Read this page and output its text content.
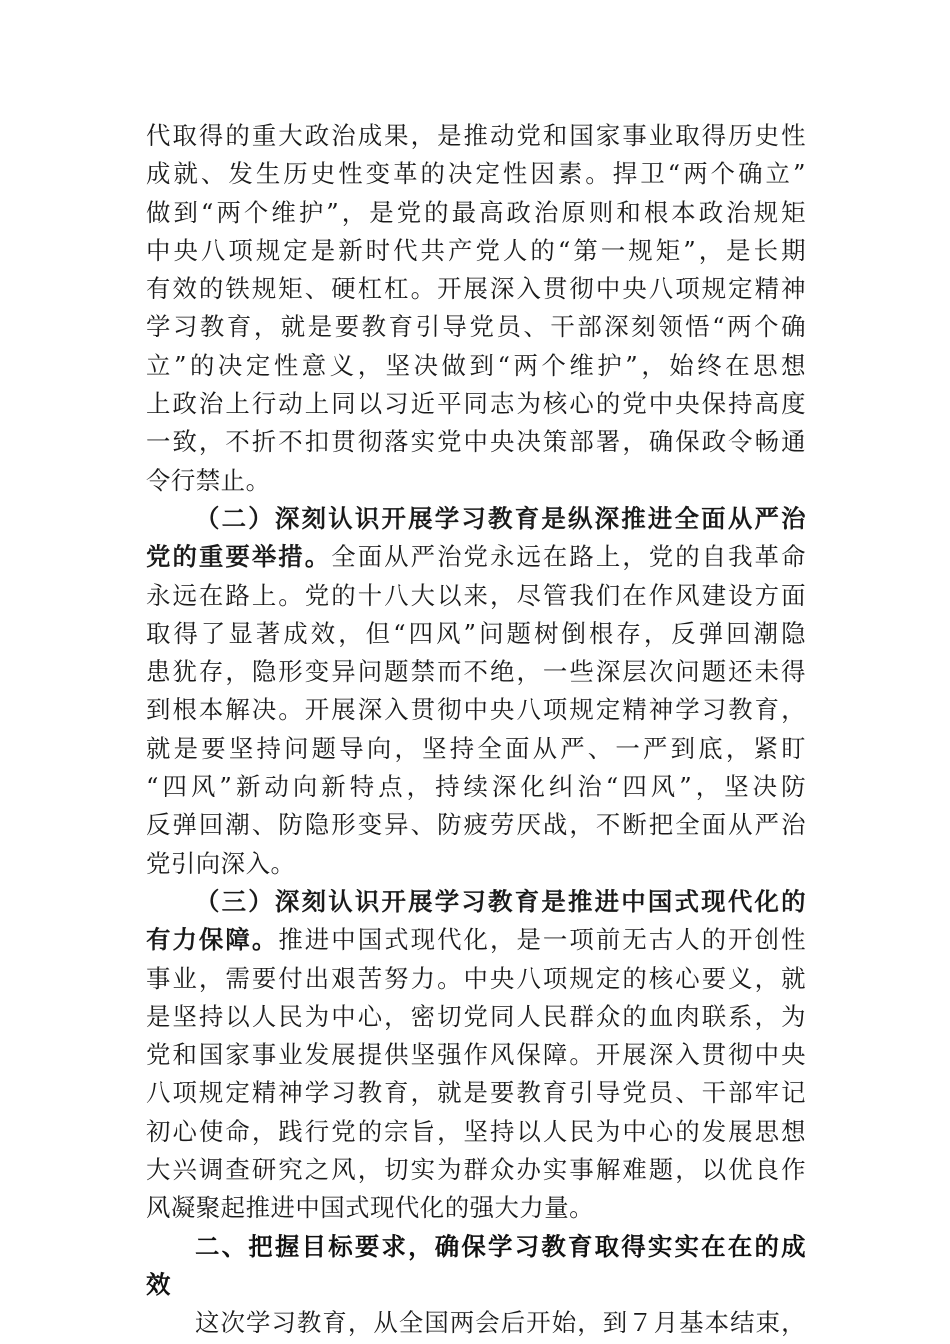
代取得的重大政治成果，是推动党和国家事业取得历史性
成就、发生历史性变革的决定性因素。捍卫“两个确立”
做到“两个维护”，是党的最高政治原则和根本政治规矩
中央八项规定是新时代共产党人的“第一规矩”，是长期
有效的铁规矩、硬杠杠。开展深入贯彻中央八项规定精神
学习教育，就是要教育引导党员、干部深刻领悟“两个确
立”的决定性意义，坚决做到“两个维护”，始终在思想
上政治上行动上同以习近平同志为核心的党中央保持高度
一致，不折不扣贯彻落实党中央决策部署，确保政令畅通
令行禁止。
（二）深刻认识开展学习教育是纵深推进全面从严治
党的重要举措。全面从严治党永远在路上，党的自我革命
永远在路上。党的十八大以来，尽管我们在作风建设方面
取得了显著成效，但“四风”问题树倒根存，反弹回潮隐
患犹存，隐形变异问题禁而不绝，一些深层次问题还未得
到根本解决。开展深入贯彻中央八项规定精神学习教育，
就是要坚持问题导向，坚持全面从严、一严到底，紧盯
“四风”新动向新特点，持续深化纠治“四风”，坚决防
反弹回潮、防隐形变异、防疲劳厌战，不断把全面从严治
党引向深入。
（三）深刻认识开展学习教育是推进中国式现代化的
有力保障。推进中国式现代化，是一项前无古人的开创性
事业，需要付出艰苦努力。中央八项规定的核心要义，就
是坚持以人民为中心，密切党同人民群众的血肉联系，为
党和国家事业发展提供坚强作风保障。开展深入贯彻中央
八项规定精神学习教育，就是要教育引导党员、干部牢记
初心使命，践行党的宗旨，坚持以人民为中心的发展思想
大兴调查研究之风，切实为群众办实事解难题，以优良作
风凝聚起推进中国式现代化的强大力量。
二、把握目标要求，确保学习教育取得实实在在的成
效
这次学习教育，从全国两会后开始，到７月基本结束，
